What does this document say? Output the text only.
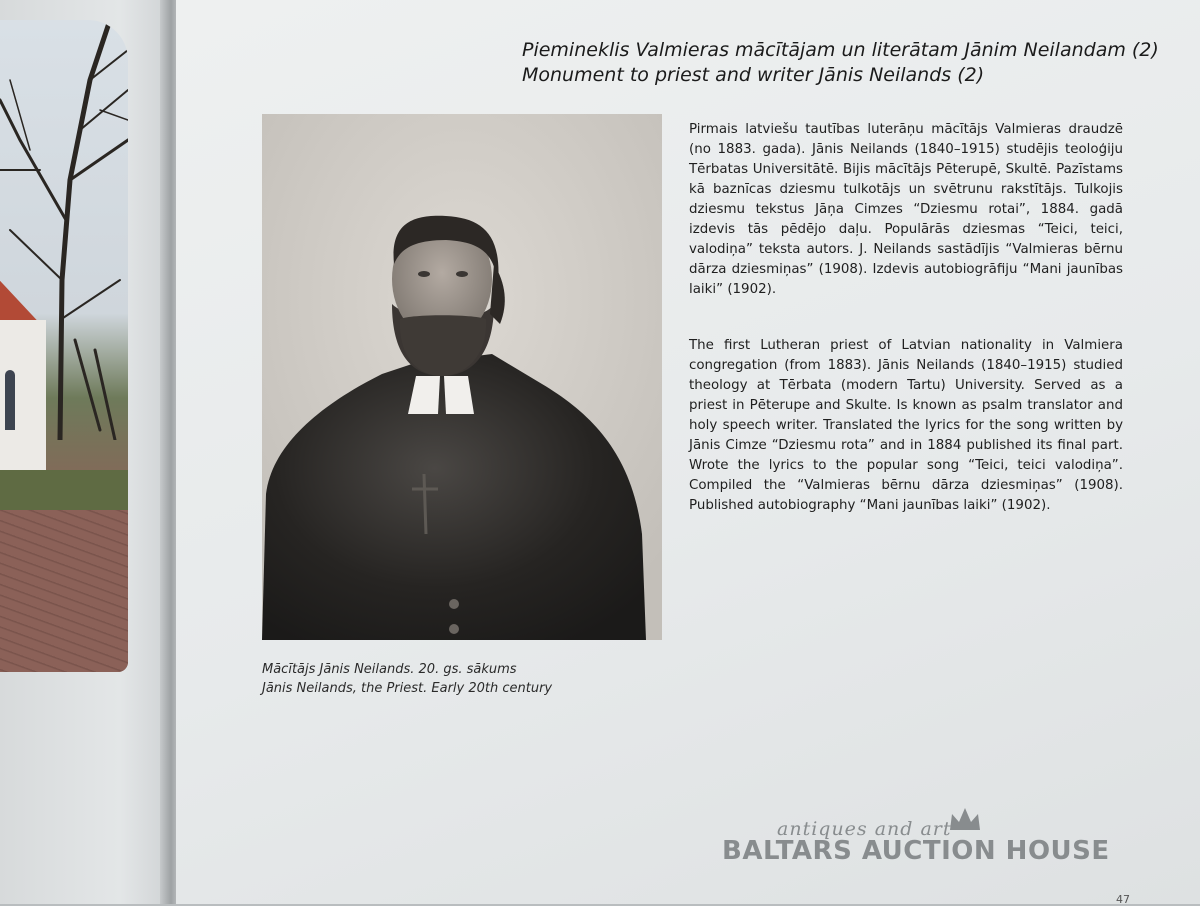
Piemineklis Valmieras mācītājam un literātam Jānim Neilandam (2)
Monument to priest and writer Jānis Neilands (2)
Mācītājs Jānis Neilands. 20. gs. sākums
Jānis Neilands, the Priest. Early 20th century
Pirmais latviešu tautības luterāņu mācītājs Valmieras draudzē (no 1883. gada). Jānis Neilands (1840–1915) studējis teoloģiju Tērbatas Universitātē. Bijis mācītājs Pēterupē, Skultē. Pazīstams kā baznīcas dziesmu tulkotājs un svētrunu rakstītājs. Tulkojis dziesmu tekstus Jāņa Cimzes “Dziesmu rotai”, 1884. gadā izdevis tās pēdējo daļu. Populārās dziesmas “Teici, teici, valodiņa” teksta autors. J. Neilands sastādījis “Valmieras bērnu dārza dziesmiņas” (1908). Izdevis autobiogrāfiju “Mani jaunības laiki” (1902).
The first Lutheran priest of Latvian nationality in Valmiera congregation (from 1883). Jānis Neilands (1840–1915) studied theology at Tērbata (modern Tartu) University. Served as a priest in Pēterupe and Skulte. Is known as psalm translator and holy speech writer. Translated the lyrics for the song written by Jānis Cimze “Dziesmu rota” and in 1884 published its final part. Wrote the lyrics to the popular song “Teici, teici valodiņa”. Compiled the “Valmieras bērnu dārza dziesmiņas” (1908). Published autobiography “Mani jaunības laiki” (1902).
antiques and art
BALTARS AUCTION HOUSE
47
